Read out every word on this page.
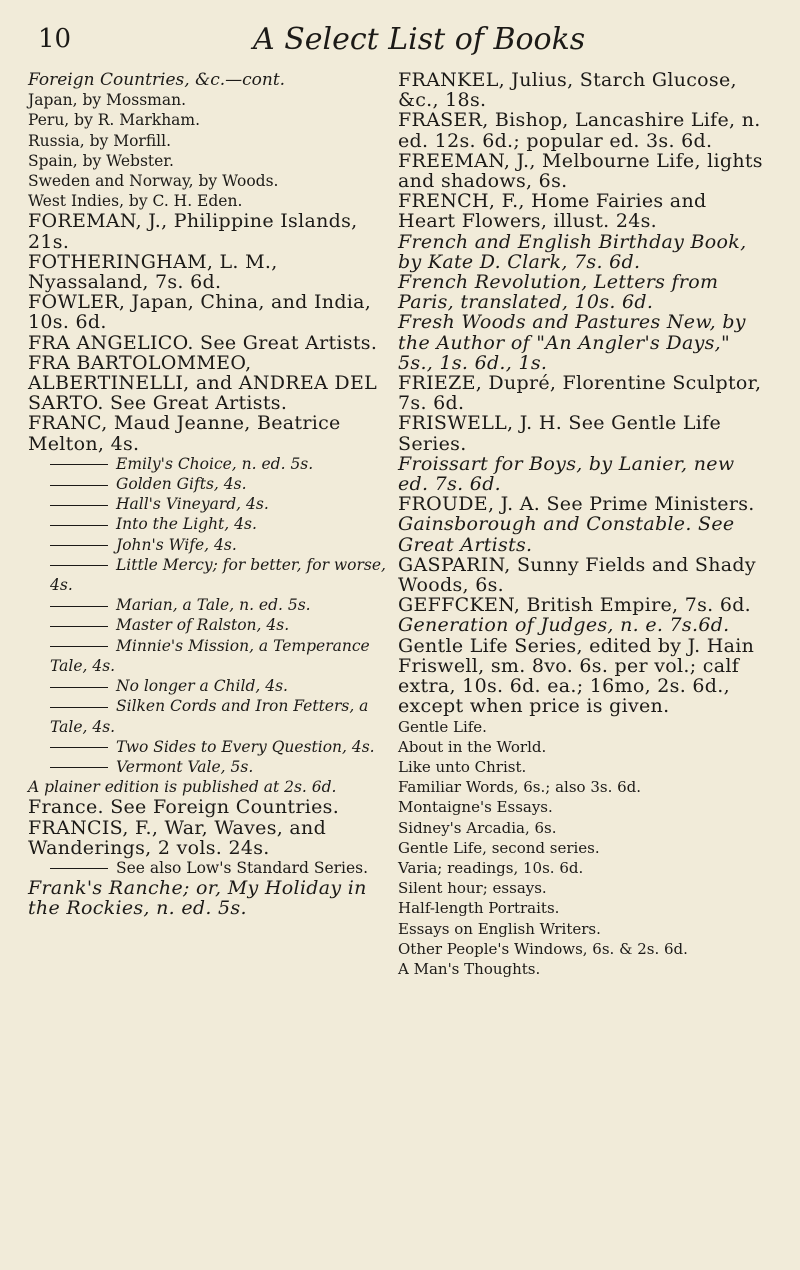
10	A Select List of Books
Foreign Countries, &c.—cont.
Japan, by Mossman.
Peru, by R. Markham.
Russia, by Morfill.
Spain, by Webster.
Sweden and Norway, by Woods.
West Indies, by C. H. Eden.
FOREMAN, J., Philippine Islands, 21s.
FOTHERINGHAM, L. M., Nyassaland, 7s. 6d.
FOWLER, Japan, China, and India, 10s. 6d.
FRA ANGELICO. See Great Artists.
FRA BARTOLOMMEO, ALBERTINELLI, and ANDREA DEL SARTO. See Great Artists.
FRANC, Maud Jeanne, Beatrice Melton, 4s.
Emily's Choice, n. ed. 5s.
Golden Gifts, 4s.
Hall's Vineyard, 4s.
Into the Light, 4s.
John's Wife, 4s.
Little Mercy; for better, for worse, 4s.
Marian, a Tale, n. ed. 5s.
Master of Ralston, 4s.
Minnie's Mission, a Temperance Tale, 4s.
No longer a Child, 4s.
Silken Cords and Iron Fetters, a Tale, 4s.
Two Sides to Every Question, 4s.
Vermont Vale, 5s.
A plainer edition is published at 2s. 6d.
France. See Foreign Countries.
FRANCIS, F., War, Waves, and Wanderings, 2 vols. 24s.
See also Low's Standard Series.
Frank's Ranche; or, My Holiday in the Rockies, n. ed. 5s.
FRANKEL, Julius, Starch Glucose, &c., 18s.
FRASER, Bishop, Lancashire Life, n. ed. 12s. 6d.; popular ed. 3s. 6d.
FREEMAN, J., Melbourne Life, lights and shadows, 6s.
FRENCH, F., Home Fairies and Heart Flowers, illust. 24s.
French and English Birthday Book, by Kate D. Clark, 7s. 6d.
French Revolution, Letters from Paris, translated, 10s. 6d.
Fresh Woods and Pastures New, by the Author of "An Angler's Days," 5s., 1s. 6d., 1s.
FRIEZE, Dupré, Florentine Sculptor, 7s. 6d.
FRISWELL, J. H. See Gentle Life Series.
Froissart for Boys, by Lanier, new ed. 7s. 6d.
FROUDE, J. A. See Prime Ministers.
Gainsborough and Constable. See Great Artists.
GASPARIN, Sunny Fields and Shady Woods, 6s.
GEFFCKEN, British Empire, 7s. 6d.
Generation of Judges, n. e. 7s.6d.
Gentle Life Series, edited by J. Hain Friswell, sm. 8vo. 6s. per vol.; calf extra, 10s. 6d. ea.; 16mo, 2s. 6d., except when price is given.
Gentle Life.
About in the World.
Like unto Christ.
Familiar Words, 6s.; also 3s. 6d.
Montaigne's Essays.
Sidney's Arcadia, 6s.
Gentle Life, second series.
Varia; readings, 10s. 6d.
Silent hour; essays.
Half-length Portraits.
Essays on English Writers.
Other People's Windows, 6s. & 2s. 6d.
A Man's Thoughts.
